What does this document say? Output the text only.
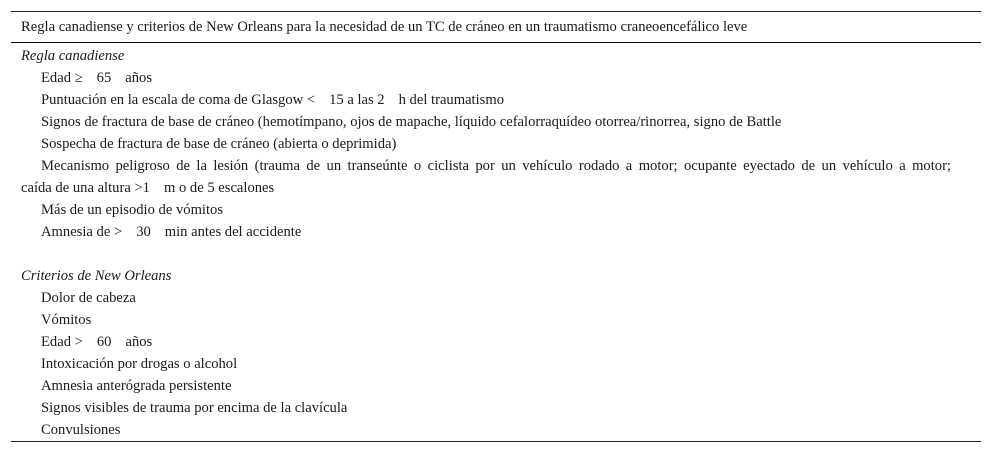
Regla canadiense y criterios de New Orleans para la necesidad de un TC de cráneo en un traumatismo craneoencefálico leve
Regla canadiense
Edad ≥ 65 años
Puntuación en la escala de coma de Glasgow < 15 a las 2 h del traumatismo
Signos de fractura de base de cráneo (hemotímpano, ojos de mapache, líquido cefalorraquídeo otorrea/rinorrea, signo de Battle
Sospecha de fractura de base de cráneo (abierta o deprimida)
Mecanismo peligroso de la lesión (trauma de un transeúnte o ciclista por un vehículo rodado a motor; ocupante eyectado de un vehículo a motor;
caída de una altura >1 m o de 5 escalones
Más de un episodio de vómitos
Amnesia de > 30 min antes del accidente
Criterios de New Orleans
Dolor de cabeza
Vómitos
Edad > 60 años
Intoxicación por drogas o alcohol
Amnesia anterógrada persistente
Signos visibles de trauma por encima de la clavícula
Convulsiones
